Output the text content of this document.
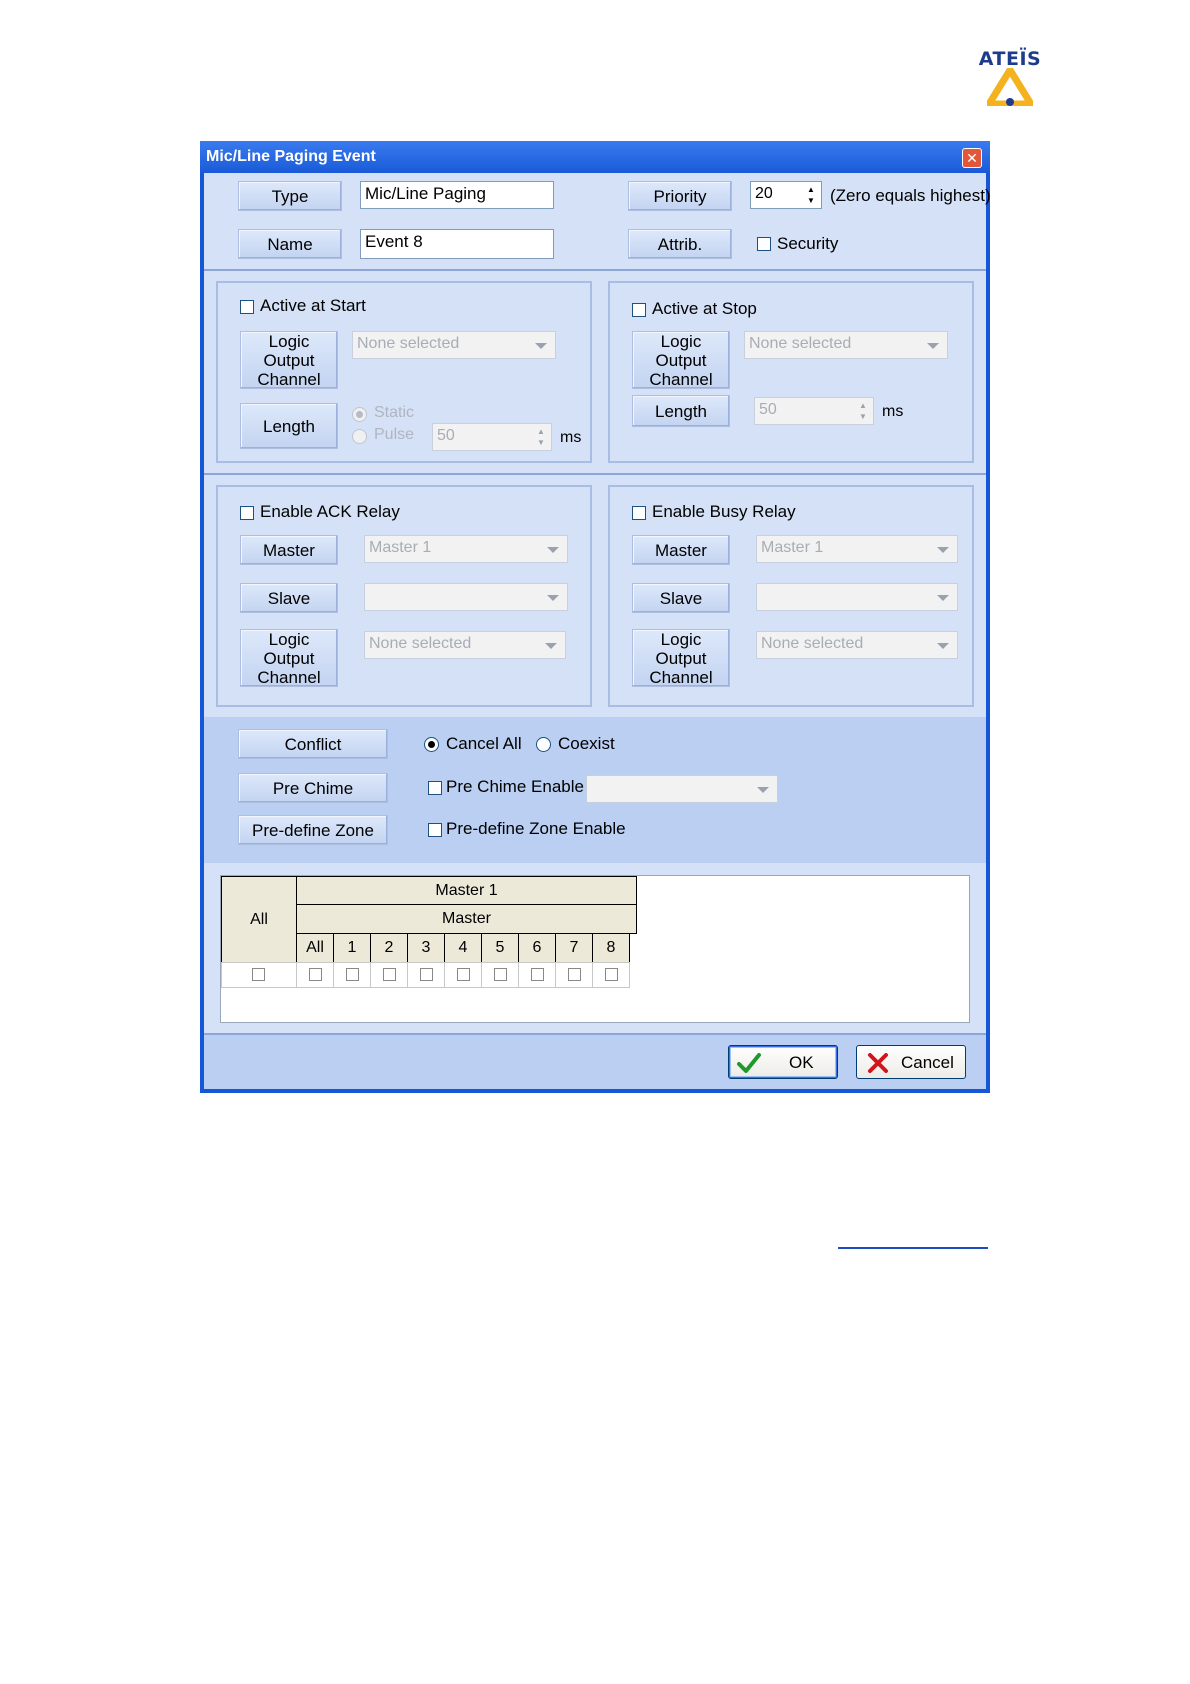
ATEÏS
Mic/Line Paging Event	✕
Type	Mic/Line Paging
Name	Event 8
Priority	20	▲
▼ (Zero equals highest)
Attrib.	Security
Active at Start
Logic Output
Channel
None selected
Length
Static
Pulse	50	▲
▼ ms
Active at Stop
Logic Output
Channel
None selected
Length	50	▲
▼ ms
Enable ACK Relay
Master	Master 1
Slave
Logic Output
Channel
None selected
Enable Busy Relay
Master	Master 1
Slave
Logic Output
Channel
None selected
Conflict	Cancel All Coexist
Pre Chime	Pre Chime Enable
Pre-define Zone	Pre-define Zone Enable
All
Master 1
Master
All	1	2	3	4	5	6	7	8
OK	Cancel
